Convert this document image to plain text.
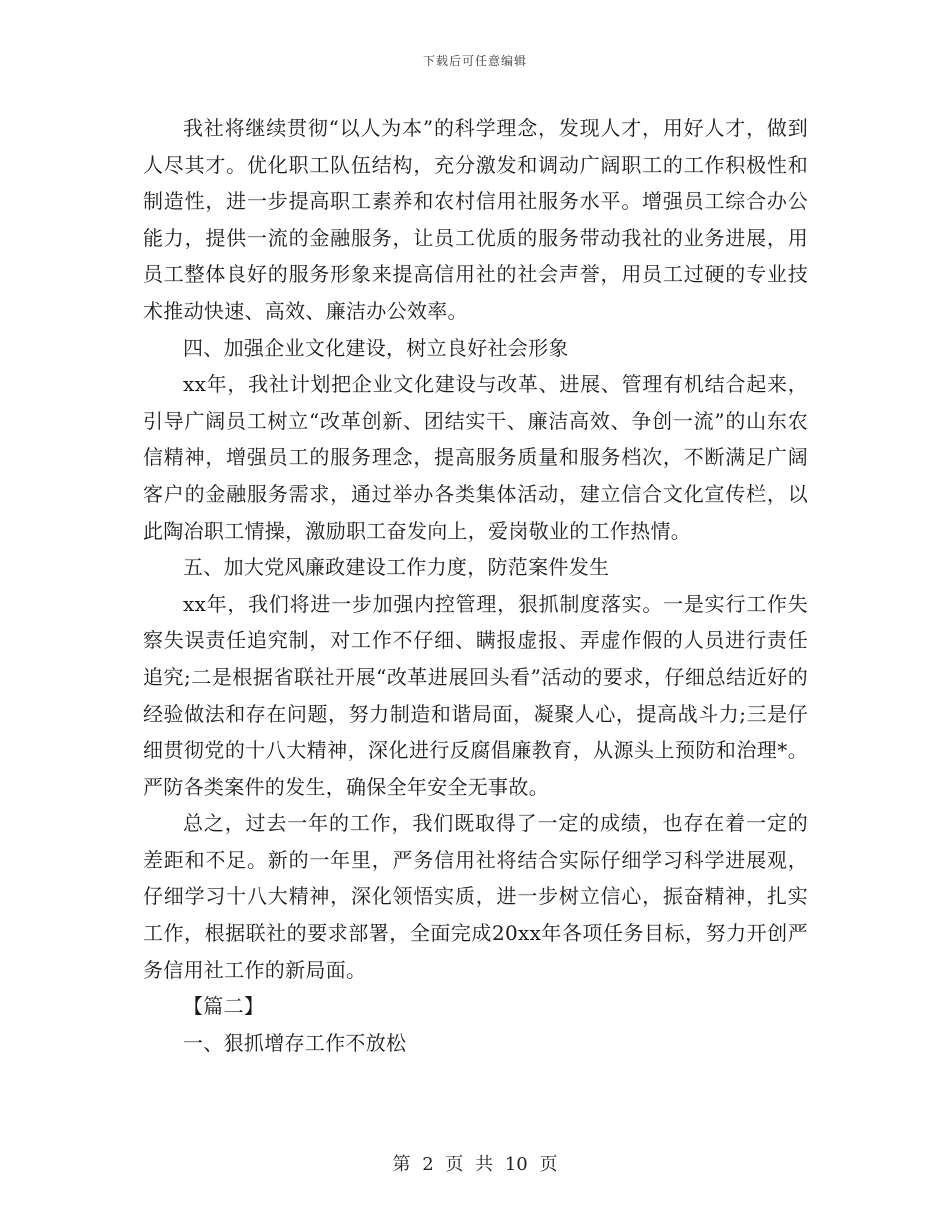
下载后可任意编辑

我社将继续贯彻“以人为本”的科学理念，发现人才，用好人才，做到人尽其才。优化职工队伍结构，充分激发和调动广阔职工的工作积极性和制造性，进一步提高职工素养和农村信用社服务水平。增强员工综合办公能力，提供一流的金融服务，让员工优质的服务带动我社的业务进展，用员工整体良好的服务形象来提高信用社的社会声誉，用员工过硬的专业技术推动快速、高效、廉洁办公效率。

四、加强企业文化建设，树立良好社会形象

xx年，我社计划把企业文化建设与改革、进展、管理有机结合起来，引导广阔员工树立“改革创新、团结实干、廉洁高效、争创一流”的山东农信精神，增强员工的服务理念，提高服务质量和服务档次，不断满足广阔客户的金融服务需求，通过举办各类集体活动，建立信合文化宣传栏，以此陶冶职工情操，激励职工奋发向上，爱岗敬业的工作热情。

五、加大党风廉政建设工作力度，防范案件发生

xx年，我们将进一步加强内控管理，狠抓制度落实。一是实行工作失察失误责任追究制，对工作不仔细、瞒报虚报、弄虚作假的人员进行责任追究;二是根据省联社开展“改革进展回头看”活动的要求，仔细总结近好的经验做法和存在问题，努力制造和谐局面，凝聚人心，提高战斗力;三是仔细贯彻党的十八大精神，深化进行反腐倡廉教育，从源头上预防和治理*。严防各类案件的发生，确保全年安全无事故。

总之，过去一年的工作，我们既取得了一定的成绩，也存在着一定的差距和不足。新的一年里，严务信用社将结合实际仔细学习科学进展观，仔细学习十八大精神，深化领悟实质，进一步树立信心，振奋精神，扎实工作，根据联社的要求部署，全面完成20xx年各项任务目标，努力开创严务信用社工作的新局面。

【篇二】

一、狠抓增存工作不放松

第 2 页 共 10 页
